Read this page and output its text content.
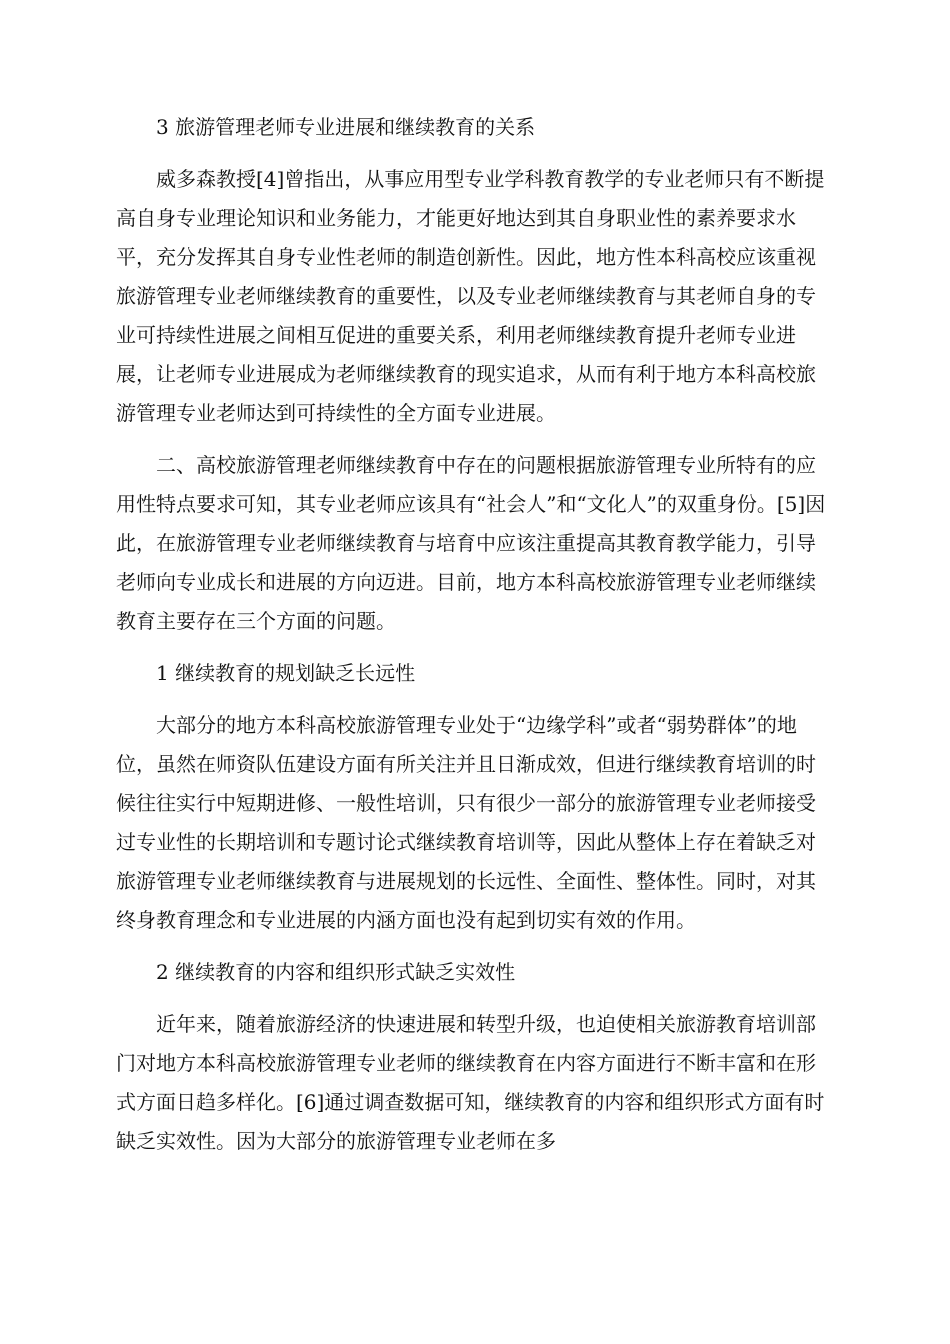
3 旅游管理老师专业进展和继续教育的关系

威多森教授[4]曾指出，从事应用型专业学科教育教学的专业老师只有不断提高自身专业理论知识和业务能力，才能更好地达到其自身职业性的素养要求水平，充分发挥其自身专业性老师的制造创新性。因此，地方性本科高校应该重视旅游管理专业老师继续教育的重要性，以及专业老师继续教育与其老师自身的专业可持续性进展之间相互促进的重要关系，利用老师继续教育提升老师专业进展，让老师专业进展成为老师继续教育的现实追求，从而有利于地方本科高校旅游管理专业老师达到可持续性的全方面专业进展。

二、高校旅游管理老师继续教育中存在的问题根据旅游管理专业所特有的应用性特点要求可知，其专业老师应该具有“社会人”和“文化人”的双重身份。[5]因此，在旅游管理专业老师继续教育与培育中应该注重提高其教育教学能力，引导老师向专业成长和进展的方向迈进。目前，地方本科高校旅游管理专业老师继续教育主要存在三个方面的问题。

1 继续教育的规划缺乏长远性

大部分的地方本科高校旅游管理专业处于“边缘学科”或者“弱势群体”的地位，虽然在师资队伍建设方面有所关注并且日渐成效，但进行继续教育培训的时候往往实行中短期进修、一般性培训，只有很少一部分的旅游管理专业老师接受过专业性的长期培训和专题讨论式继续教育培训等，因此从整体上存在着缺乏对旅游管理专业老师继续教育与进展规划的长远性、全面性、整体性。同时，对其终身教育理念和专业进展的内涵方面也没有起到切实有效的作用。

2 继续教育的内容和组织形式缺乏实效性

近年来，随着旅游经济的快速进展和转型升级，也迫使相关旅游教育培训部门对地方本科高校旅游管理专业老师的继续教育在内容方面进行不断丰富和在形式方面日趋多样化。[6]通过调查数据可知，继续教育的内容和组织形式方面有时缺乏实效性。因为大部分的旅游管理专业老师在多
